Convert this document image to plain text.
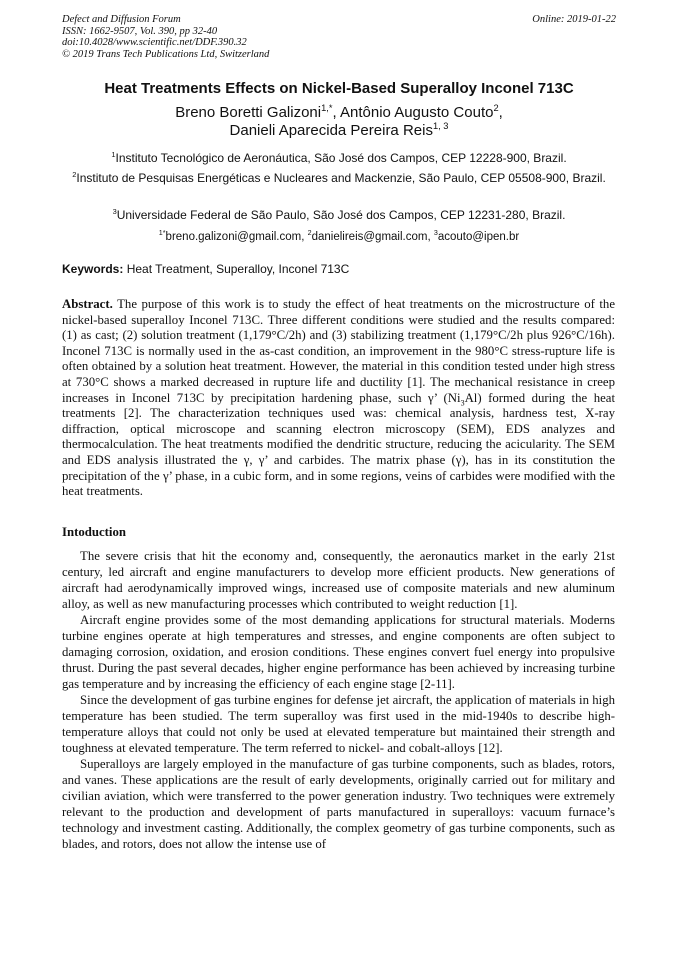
Defect and Diffusion Forum
ISSN: 1662-9507, Vol. 390, pp 32-40
doi:10.4028/www.scientific.net/DDF.390.32
© 2019 Trans Tech Publications Ltd, Switzerland
Online: 2019-01-22
Heat Treatments Effects on Nickel-Based Superalloy Inconel 713C
Breno Boretti Galizoni$^{1,*}$, Antônio Augusto Couto$^2$,
Danieli Aparecida Pereira Reis$^{1, 3}$
$^1$Instituto Tecnológico de Aeronáutica, São José dos Campos, CEP 12228-900, Brazil.
$^2$Instituto de Pesquisas Energéticas e Nucleares and Mackenzie, São Paulo, CEP 05508-900, Brazil.
$^3$Universidade Federal de São Paulo, São José dos Campos, CEP 12231-280, Brazil.
$^{1*}$breno.galizoni@gmail.com, $^2$danielireis@gmail.com, $^3$acouto@ipen.br
Keywords: Heat Treatment, Superalloy, Inconel 713C

Abstract. The purpose of this work is to study the effect of heat treatments on the microstructure of the nickel-based superalloy Inconel 713C. Three different conditions were studied and the results compared: (1) as cast; (2) solution treatment (1,179°C/2h) and (3) stabilizing treatment (1,179°C/2h plus 926°C/16h). Inconel 713C is normally used in the as-cast condition, an improvement in the 980°C stress-rupture life is often obtained by a solution heat treatment. However, the material in this condition tested under high stress at 730°C shows a marked decreased in rupture life and ductility [1]. The mechanical resistance in creep increases in Inconel 713C by precipitation hardening phase, such γ’ $(Ni_3Al)$ formed during the heat treatments [2]. The characterization techniques used was: chemical analysis, hardness test, X-ray diffraction, optical microscope and scanning electron microscopy (SEM), EDS analyzes and thermocalculation. The heat treatments modified the dendritic structure, reducing the acicularity. The SEM and EDS analysis illustrated the γ, γ’ and carbides. The matrix phase (γ), has in its constitution the precipitation of the γ’ phase, in a cubic form, and in some regions, veins of carbides were modified with the heat treatments.

Intoduction

The severe crisis that hit the economy and, consequently, the aeronautics market in the early 21st century, led aircraft and engine manufacturers to develop more efficient products. New generations of aircraft had aerodynamically improved wings, increased use of composite materials and new aluminum alloy, as well as new manufacturing processes which contributed to weight reduction [1].

Aircraft engine provides some of the most demanding applications for structural materials. Moderns turbine engines operate at high temperatures and stresses, and engine components are often subject to damaging corrosion, oxidation, and erosion conditions. These engines convert fuel energy into propulsive thrust. During the past several decades, higher engine performance has been achieved by increasing turbine gas temperature and by increasing the efficiency of each engine stage [2-11].

Since the development of gas turbine engines for defense jet aircraft, the application of materials in high temperature has been studied. The term superalloy was first used in the mid-1940s to describe high-temperature alloys that could not only be used at elevated temperature but maintained their strength and toughness at elevated temperature. The term referred to nickel- and cobalt-alloys [12].

Superalloys are largely employed in the manufacture of gas turbine components, such as blades, rotors, and vanes. These applications are the result of early developments, originally carried out for military and civilian aviation, which were transferred to the power generation industry. Two techniques were extremely relevant to the production and development of parts manufactured in superalloys: vacuum furnace’s technology and investment casting. Additionally, the complex geometry of gas turbine components, such as blades, and rotors, does not allow the intense use of
